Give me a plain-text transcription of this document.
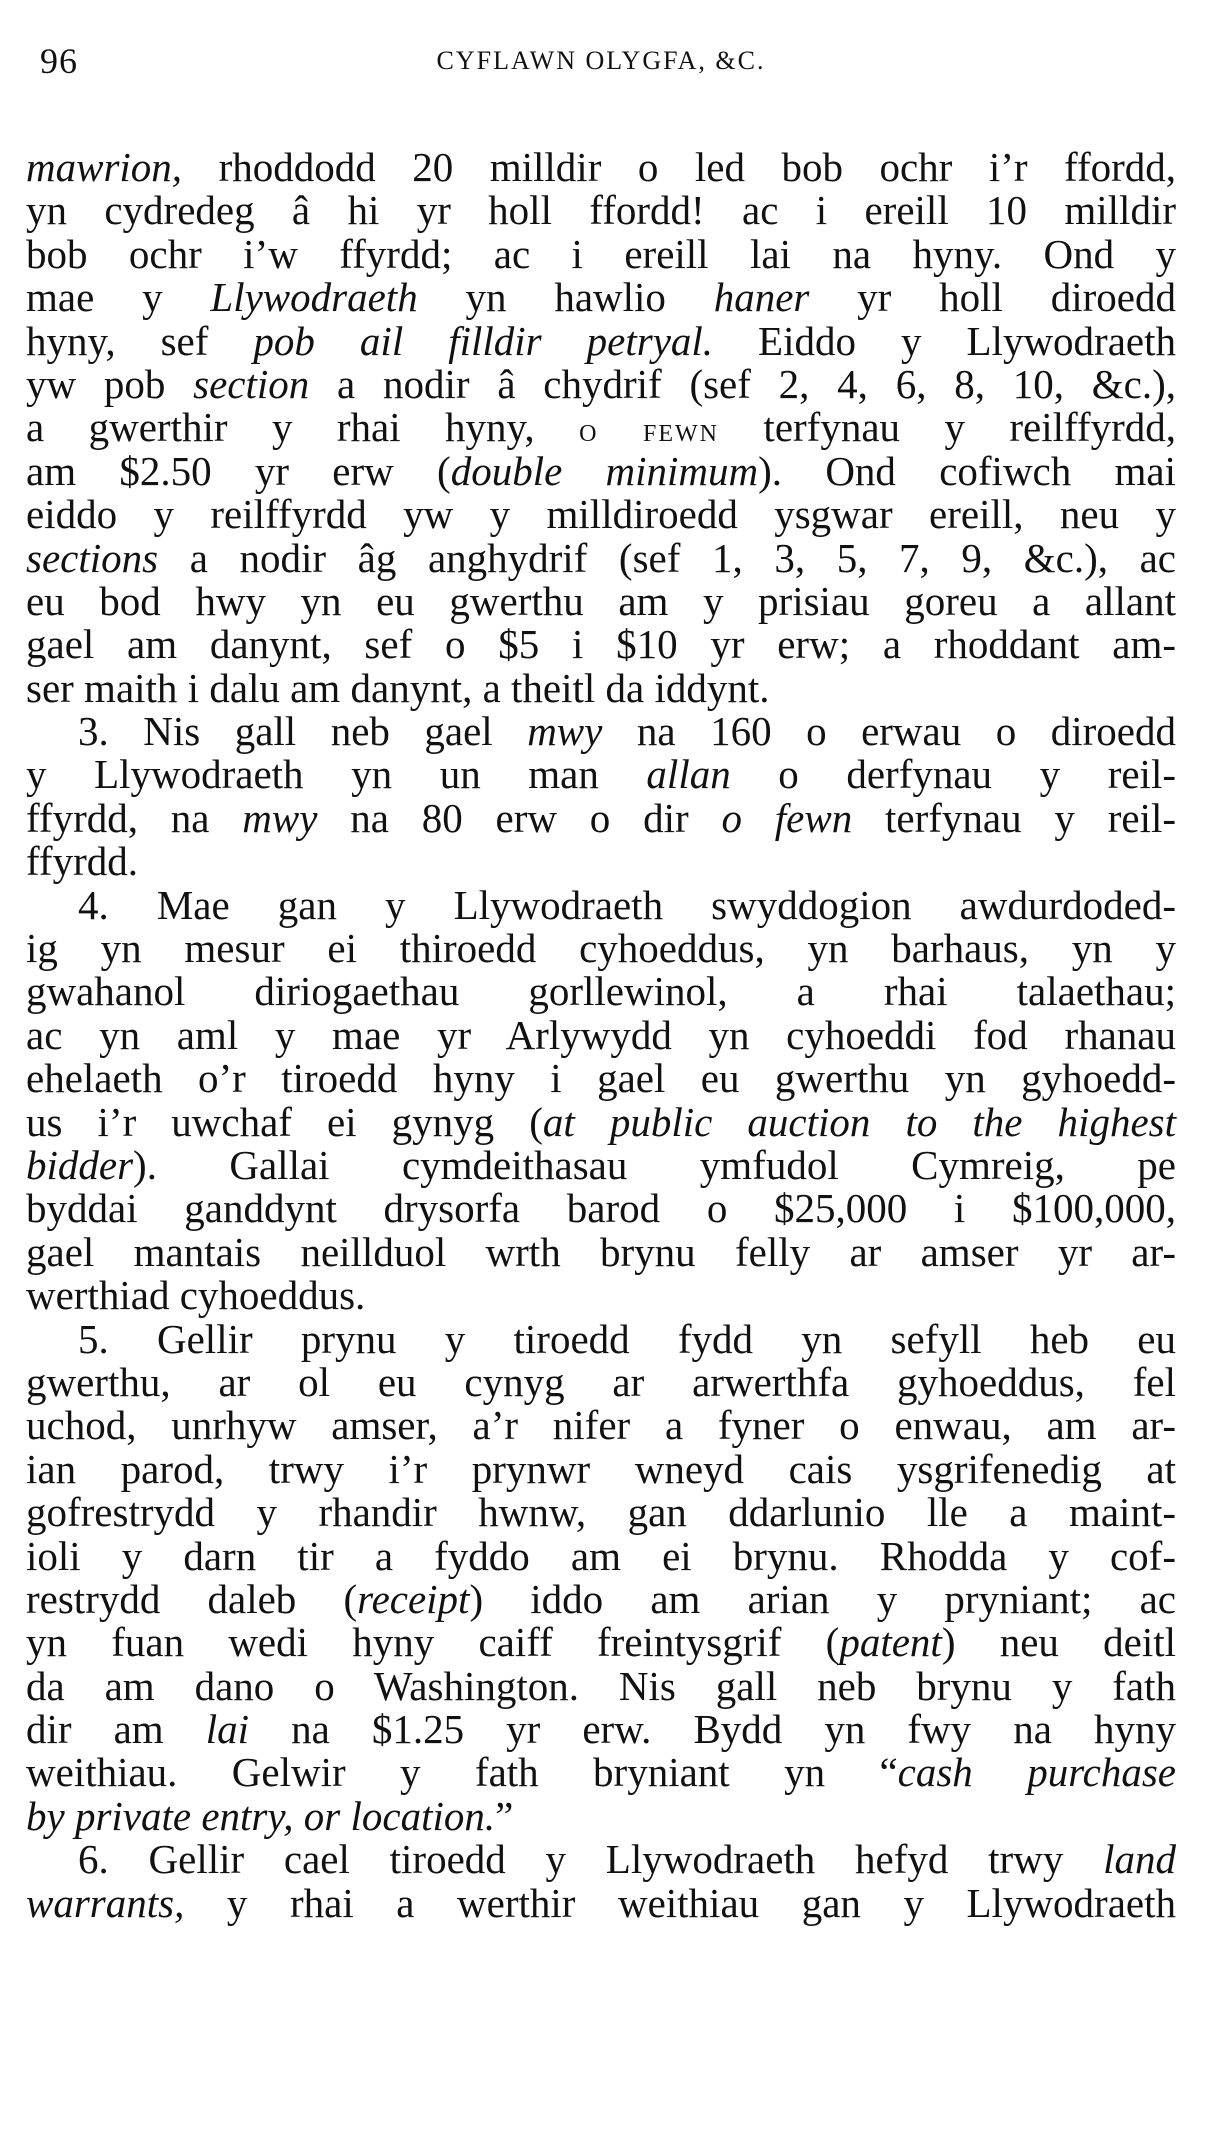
96	CYFLAWN OLYGFA, &C.
mawrion, rhoddodd 20 milldir o led bob ochr i’r ffordd,
yn cydredeg â hi yr holl ffordd! ac i ereill 10 milldir
bob ochr i’w ffyrdd; ac i ereill lai na hyny. Ond y
mae y Llywodraeth yn hawlio haner yr holl diroedd
hyny, sef pob ail filldir petryal. Eiddo y Llywodraeth
yw pob section a nodir â chydrif (sef 2, 4, 6, 8, 10, &c.),
a gwerthir y rhai hyny, o fewn terfynau y reilffyrdd,
am $2.50 yr erw (double minimum). Ond cofiwch mai
eiddo y reilffyrdd yw y milldiroedd ysgwar ereill, neu y
sections a nodir âg anghydrif (sef 1, 3, 5, 7, 9, &c.), ac
eu bod hwy yn eu gwerthu am y prisiau goreu a allant
gael am danynt, sef o $5 i $10 yr erw; a rhoddant am-
ser maith i dalu am danynt, a theitl da iddynt.
3. Nis gall neb gael mwy na 160 o erwau o diroedd
y Llywodraeth yn un man allan o derfynau y reil-
ffyrdd, na mwy na 80 erw o dir o fewn terfynau y reil-
ffyrdd.
4. Mae gan y Llywodraeth swyddogion awdurdoded-
ig yn mesur ei thiroedd cyhoeddus, yn barhaus, yn y
gwahanol diriogaethau gorllewinol, a rhai talaethau;
ac yn aml y mae yr Arlywydd yn cyhoeddi fod rhanau
ehelaeth o’r tiroedd hyny i gael eu gwerthu yn gyhoedd-
us i’r uwchaf ei gynyg (at public auction to the highest
bidder). Gallai cymdeithasau ymfudol Cymreig, pe
byddai ganddynt drysorfa barod o $25,000 i $100,000,
gael mantais neillduol wrth brynu felly ar amser yr ar-
werthiad cyhoeddus.
5. Gellir prynu y tiroedd fydd yn sefyll heb eu
gwerthu, ar ol eu cynyg ar arwerthfa gyhoeddus, fel
uchod, unrhyw amser, a’r nifer a fyner o enwau, am ar-
ian parod, trwy i’r prynwr wneyd cais ysgrifenedig at
gofrestrydd y rhandir hwnw, gan ddarlunio lle a maint-
ioli y darn tir a fyddo am ei brynu. Rhodda y cof-
restrydd daleb (receipt) iddo am arian y pryniant; ac
yn fuan wedi hyny caiff freintysgrif (patent) neu deitl
da am dano o Washington. Nis gall neb brynu y fath
dir am lai na $1.25 yr erw. Bydd yn fwy na hyny
weithiau. Gelwir y fath bryniant yn “cash purchase
by private entry, or location.”
6. Gellir cael tiroedd y Llywodraeth hefyd trwy land
warrants, y rhai a werthir weithiau gan y Llywodraeth
